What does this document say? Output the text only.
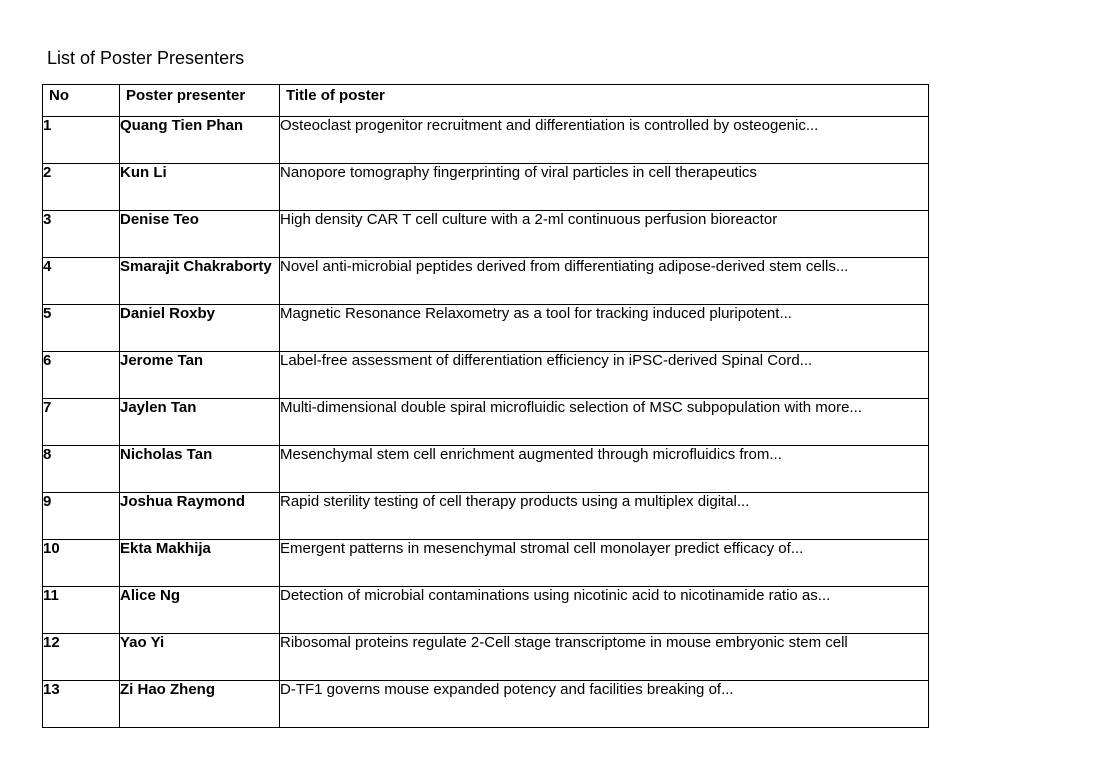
List of Poster Presenters
No	Poster presenter	Title of poster
1	Quang Tien Phan	Osteoclast progenitor recruitment and differentiation is controlled by osteogenic...
2	Kun Li	Nanopore tomography fingerprinting of viral particles in cell therapeutics
3	Denise Teo	High density CAR T cell culture with a 2-ml continuous perfusion bioreactor
4	Smarajit Chakraborty	Novel anti-microbial peptides derived from differentiating adipose-derived stem cells...
5	Daniel Roxby	Magnetic Resonance Relaxometry as a tool for tracking induced pluripotent...
6	Jerome Tan	Label-free assessment of differentiation efficiency in iPSC-derived Spinal Cord...
7	Jaylen Tan	Multi-dimensional double spiral microfluidic selection of MSC subpopulation with more...
8	Nicholas Tan	Mesenchymal stem cell enrichment augmented through microfluidics from...
9	Joshua Raymond	Rapid sterility testing of cell therapy products using a multiplex digital...
10	Ekta Makhija	Emergent patterns in mesenchymal stromal cell monolayer predict efficacy of...
11	Alice Ng	Detection of microbial contaminations using nicotinic acid to nicotinamide ratio as...
12	Yao Yi	Ribosomal proteins regulate 2-Cell stage transcriptome in mouse embryonic stem cell
13	Zi Hao Zheng	D-TF1 governs mouse expanded potency and facilities breaking of...
